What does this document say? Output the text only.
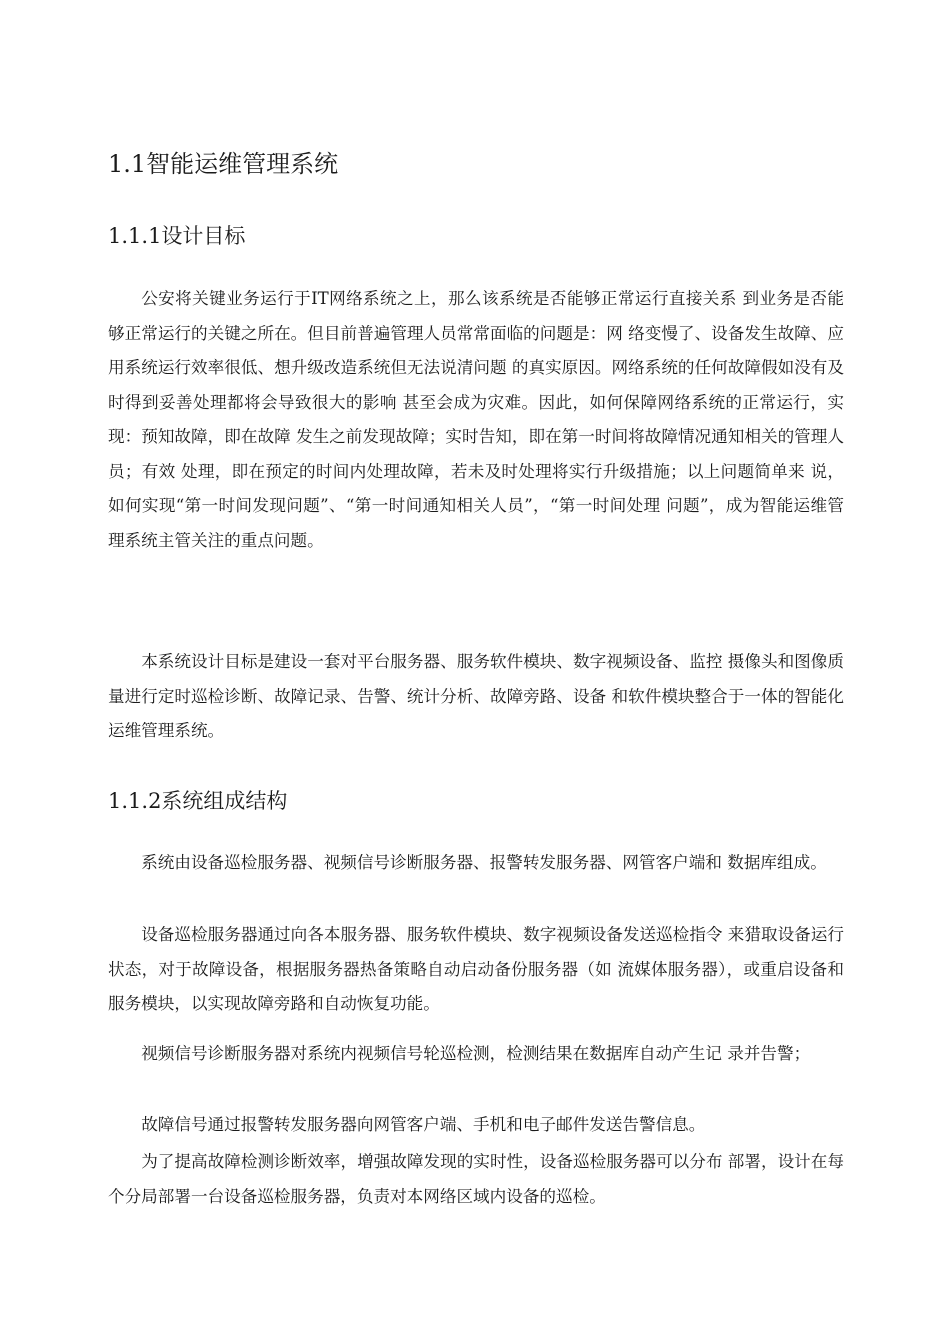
1.1智能运维管理系统
1.1.1设计目标

公安将关键业务运行于IT网络系统之上，那么该系统是否能够正常运行直接关系 到业务是否能够正常运行的关键之所在。但目前普遍管理人员常常面临的问题是：网 络变慢了、设备发生故障、应用系统运行效率很低、想升级改造系统但无法说清问题 的真实原因。网络系统的任何故障假如没有及时得到妥善处理都将会导致很大的影响 甚至会成为灾难。因此，如何保障网络系统的正常运行，实现：预知故障，即在故障 发生之前发现故障；实时告知，即在第一时间将故障情况通知相关的管理人员；有效 处理，即在预定的时间内处理故障，若未及时处理将实行升级措施；以上问题简单来 说，如何实现“第一时间发现问题”、“第一时间通知相关人员”，“第一时间处理 问题”，成为智能运维管理系统主管关注的重点问题。

本系统设计目标是建设一套对平台服务器、服务软件模块、数字视频设备、监控 摄像头和图像质量进行定时巡检诊断、故障记录、告警、统计分析、故障旁路、设备 和软件模块整合于一体的智能化运维管理系统。

1.1.2系统组成结构

系统由设备巡检服务器、视频信号诊断服务器、报警转发服务器、网管客户端和 数据库组成。

设备巡检服务器通过向各本服务器、服务软件模块、数字视频设备发送巡检指令 来猎取设备运行状态，对于故障设备，根据服务器热备策略自动启动备份服务器（如 流媒体服务器），或重启设备和服务模块，以实现故障旁路和自动恢复功能。

视频信号诊断服务器对系统内视频信号轮巡检测，检测结果在数据库自动产生记 录并告警；

故障信号通过报警转发服务器向网管客户端、手机和电子邮件发送告警信息。

为了提高故障检测诊断效率，增强故障发现的实时性，设备巡检服务器可以分布 部署，设计在每个分局部署一台设备巡检服务器，负责对本网络区域内设备的巡检。
